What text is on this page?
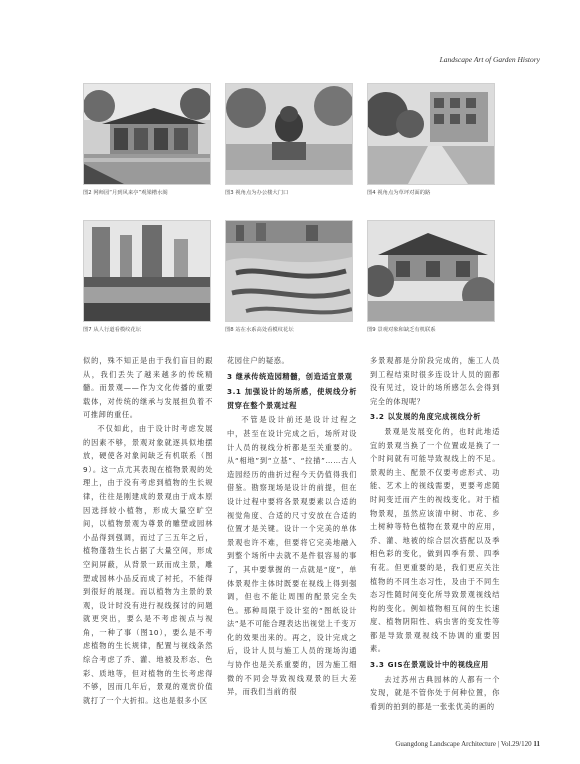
Landscape Art of Garden History
图2 网师园“月到风来亭”观梁槽水阁	图3 视角点为办公楼大门口	图4 视角点为草坪对面的路
图7 从人行道看模纹花坛	图8 站在水系高处看模纹花坛	图9 景观对象和缺乏有机联系

似的，殊不知正是由于我们盲目的跟从，我们丢失了越来越多的传统精髓。而景观——作为文化传播的重要载体，对传统的继承与发展担负着不可推卸的重任。

不仅如此，由于设计时考虑发展的因素不够，景观对象就逐具似地摆放，硬使各对象间缺乏有机联系（图9）。这一点尤其表现在植物景观的处理上，由于没有考虑到植物的生长规律，往往是刚建成的景观由于成本原因选择较小植物，形成大量空旷空间，以植物景观为尊景的雕塑或园林小品得到强调，而过了三五年之后，植物蓬勃生长占据了大量空间，形成空间屏蔽，从背景一跃而成主景，雕塑或园林小品反而成了衬托，不能得到很好的展现。而以植物为主景的景观，设计时没有进行视线探讨的问题就更突出，要么是不考虑视点与视角，一种了事（图10），要么是不考虑植物的生长规律，配置与视线条然综合考虑了乔、灌、地被及形态、色彩、质地等，但对植物的生长考虑得不够，因而几年后，景观的观赏价值就打了一个大折扣。这也是很多小区

花园住户的疑惑。

3 继承传统造园精髓，创造适宜景观

3.1 加强设计的场所感，使规线分析贯穿在整个景观过程

不管是设计前还是设计过程之中，甚至在设计完成之后，场所对设计人员的视线分析都是至关重要的。从“相地”到“立基”、“拉描”……古人造园经历的曲折过程今天仍值得我们借鉴。勘察现场是设计的前提，但在设计过程中要将各景观要素以合适的视觉角度、合适的尺寸安放在合适的位置才是关键。设计一个完美的单体景观也许不难，但要将它完美地融入到整个场所中去就不是件很容易的事了，其中要掌握的一点就是“度”，单体景观作主体时既要在视线上得到强调，但也不能让周围的配景完全失色。那种局限于设计室的“图纸设计法”是不可能合理表达出视觉上千变万化的效果出来的。再之，设计完成之后，设计人员与施工人员的现场沟通与协作也是关系重要的，因为施工细微的不同会导致视线观景的巨大差异，而我们当前的很

多景观都是分阶段完成的，施工人员到工程结束时很多连设计人员的面都没有见过，设计的场所感怎么会得到完全的体现呢？

3.2 以发展的角度完成视线分析

景观是发展变化的，也时此地适宜的景观当换了一个位置或是换了一个时间就有可能导致视线上的不足。景观的主、配景不仅要考虑形式、功能、艺术上的视线需要，更要考虑随时间变迁而产生的视线变化。对于植物景观，虽然应该清中树、市花、乡土树种等特色植物在景观中的应用，乔、灌、地被的综合层次搭配以及季相色彩的变化，做到四季有景、四季有花。但更重要的是，我们更应关注植物的不同生态习性，及由于不同生态习性随时间变化所导致景观视线结构的变化。例如植物相互间的生长速度、植物阴阳性、病虫害的变发性等都是导致景观视线不协调的重要因素。

3.3 GIS在景观设计中的视线应用

去过苏州古典园林的人都有一个发现，就是不管你处于何种位置，你看到的拍到的都是一张张优美的画的

Guangdong Landscape Architecture | Vol.29/120 11
